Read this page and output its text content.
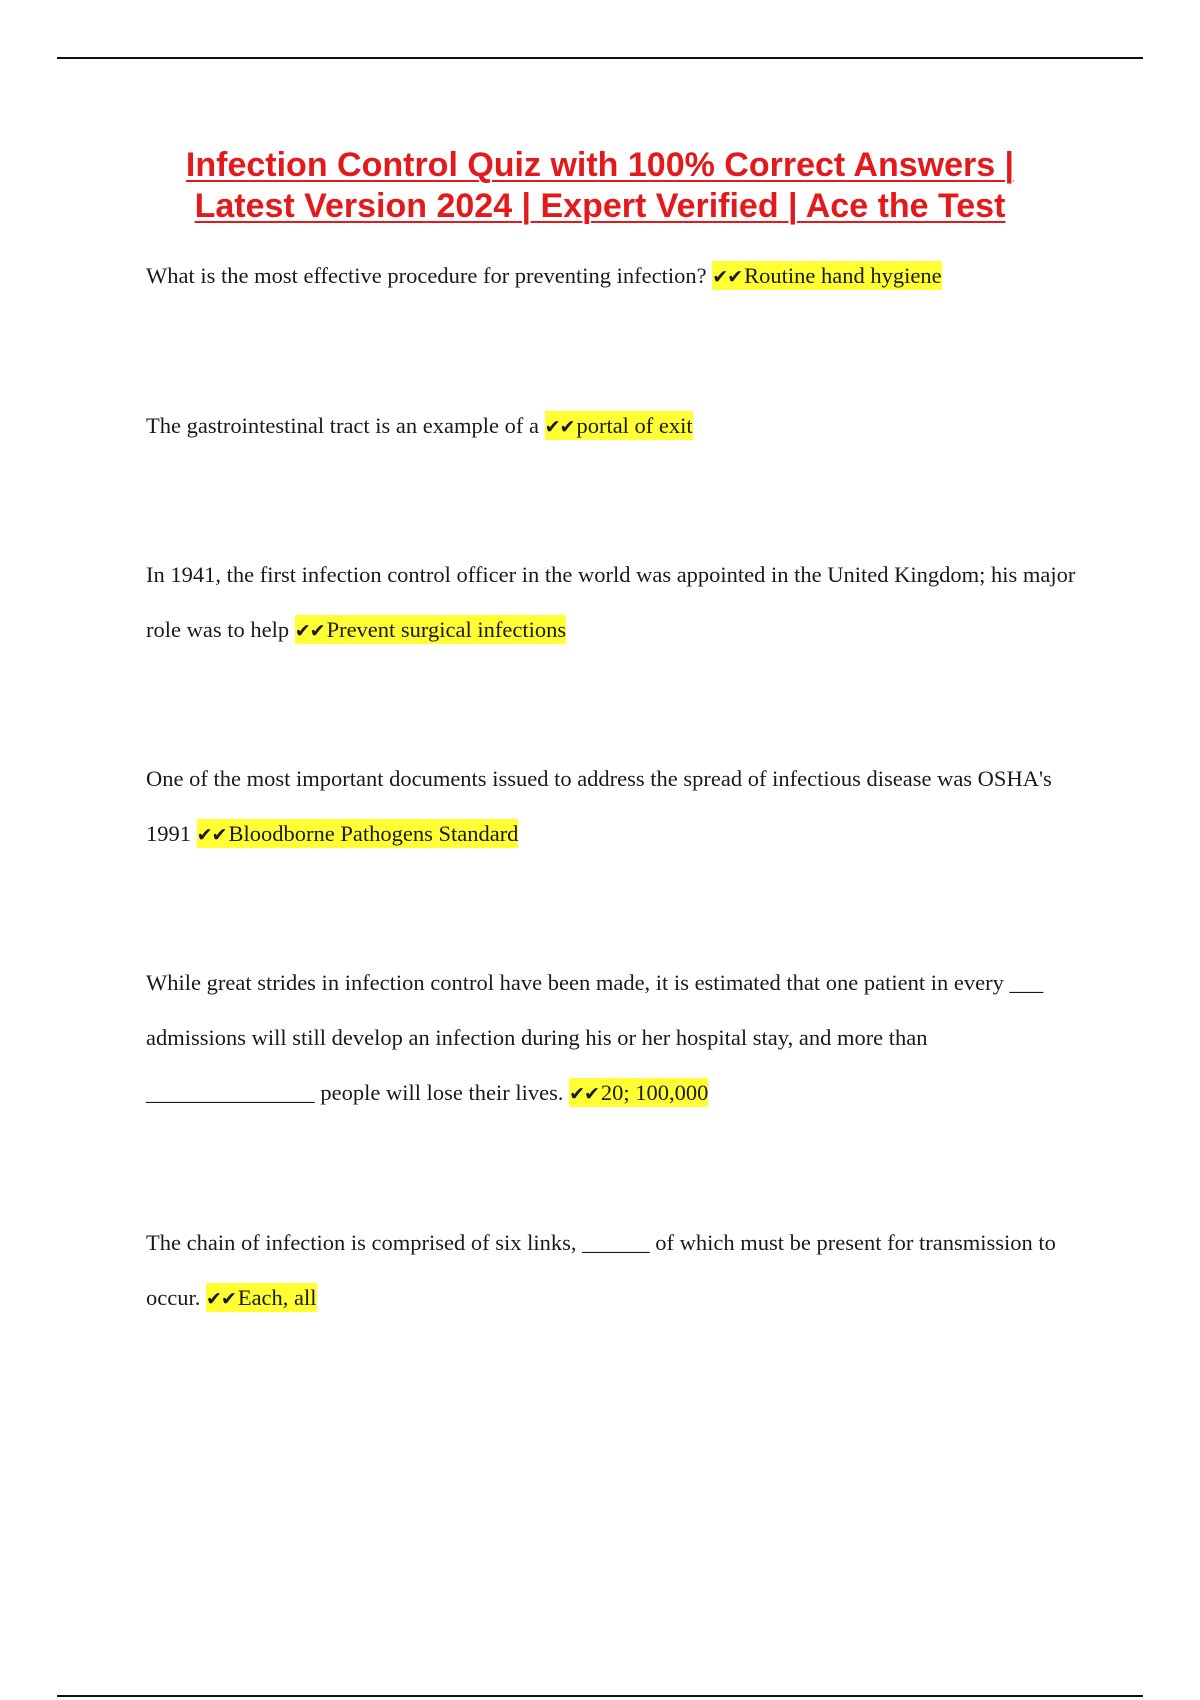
Infection Control Quiz with 100% Correct Answers |
Latest Version 2024 | Expert Verified | Ace the Test

What is the most effective procedure for preventing infection? ✔✔Routine hand hygiene

The gastrointestinal tract is an example of a ✔✔portal of exit

In 1941, the first infection control officer in the world was appointed in the United Kingdom; his major role was to help ✔✔Prevent surgical infections

One of the most important documents issued to address the spread of infectious disease was OSHA's 1991 ✔✔Bloodborne Pathogens Standard

While great strides in infection control have been made, it is estimated that one patient in every ___ admissions will still develop an infection during his or her hospital stay, and more than _______________ people will lose their lives. ✔✔20; 100,000

The chain of infection is comprised of six links, ______ of which must be present for transmission to occur. ✔✔Each, all
